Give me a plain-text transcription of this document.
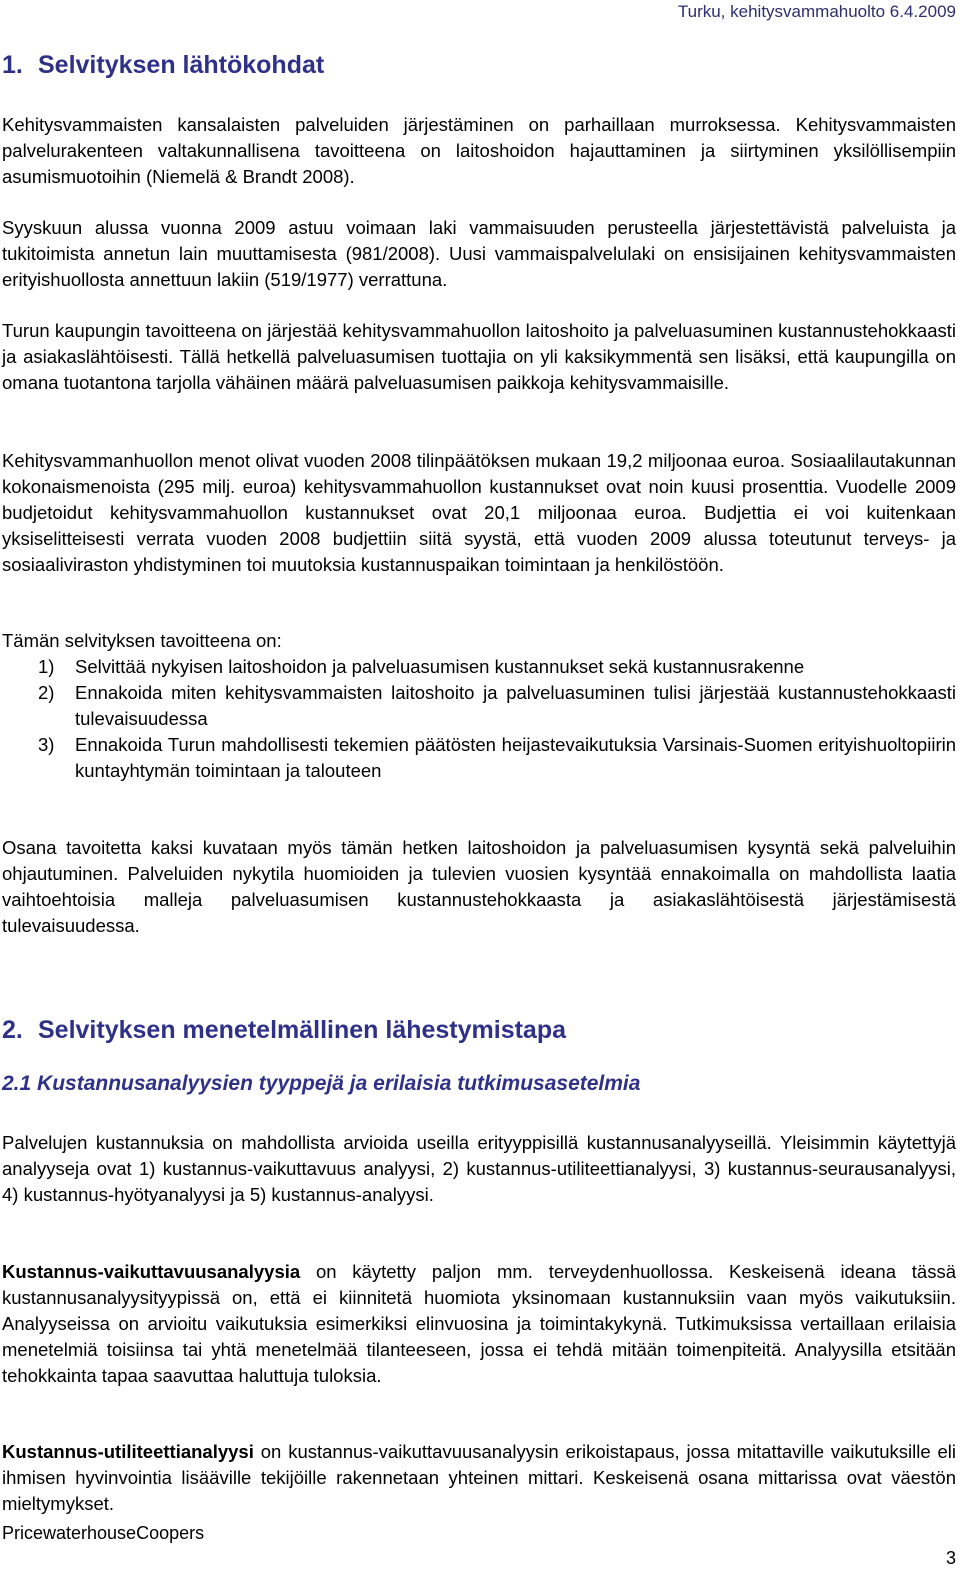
Turku, kehitysvammahuolto 6.4.2009
1. Selvityksen lähtökohdat

Kehitysvammaisten kansalaisten palveluiden järjestäminen on parhaillaan murroksessa. Kehitysvammaisten palvelurakenteen valtakunnallisena tavoitteena on laitoshoidon hajauttaminen ja siirtyminen yksilöllisempiin asumismuotoihin (Niemelä & Brandt 2008).

Syyskuun alussa vuonna 2009 astuu voimaan laki vammaisuuden perusteella järjestettävistä palveluista ja tukitoimista annetun lain muuttamisesta (981/2008). Uusi vammaispalvelulaki on ensisijainen kehitysvammaisten erityishuollosta annettuun lakiin (519/1977) verrattuna.

Turun kaupungin tavoitteena on järjestää kehitysvammahuollon laitoshoito ja palveluasuminen kustannustehokkaasti ja asiakaslähtöisesti. Tällä hetkellä palveluasumisen tuottajia on yli kaksikymmentä sen lisäksi, että kaupungilla on omana tuotantona tarjolla vähäinen määrä palveluasumisen paikkoja kehitysvammaisille.

Kehitysvammanhuollon menot olivat vuoden 2008 tilinpäätöksen mukaan 19,2 miljoonaa euroa. Sosiaalilautakunnan kokonaismenoista (295 milj. euroa) kehitysvammahuollon kustannukset ovat noin kuusi prosenttia. Vuodelle 2009 budjetoidut kehitysvammahuollon kustannukset ovat 20,1 miljoonaa euroa. Budjettia ei voi kuitenkaan yksiselitteisesti verrata vuoden 2008 budjettiin siitä syystä, että vuoden 2009 alussa toteutunut terveys- ja sosiaaliviraston yhdistyminen toi muutoksia kustannuspaikan toimintaan ja henkilöstöön.

Tämän selvityksen tavoitteena on:

1) Selvittää nykyisen laitoshoidon ja palveluasumisen kustannukset sekä kustannusrakenne
2) Ennakoida miten kehitysvammaisten laitoshoito ja palveluasuminen tulisi järjestää kustannustehokkaasti tulevaisuudessa
3) Ennakoida Turun mahdollisesti tekemien päätösten heijastevaikutuksia Varsinais-Suomen erityishuoltopiirin kuntayhtymän toimintaan ja talouteen

Osana tavoitetta kaksi kuvataan myös tämän hetken laitoshoidon ja palveluasumisen kysyntä sekä palveluihin ohjautuminen. Palveluiden nykytila huomioiden ja tulevien vuosien kysyntää ennakoimalla on mahdollista laatia vaihtoehtoisia malleja palveluasumisen kustannustehokkaasta ja asiakaslähtöisestä järjestämisestä tulevaisuudessa.

2. Selvityksen menetelmällinen lähestymistapa
2.1 Kustannusanalyysien tyyppejä ja erilaisia tutkimusasetelmia

Palvelujen kustannuksia on mahdollista arvioida useilla erityyppisillä kustannusanalyyseillä. Yleisimmin käytettyjä analyyseja ovat 1) kustannus-vaikuttavuus analyysi, 2) kustannus-utiliteettianalyysi, 3) kustannus-seurausanalyysi, 4) kustannus-hyötyanalyysi ja 5) kustannus-analyysi.

Kustannus-vaikuttavuusanalyysia on käytetty paljon mm. terveydenhuollossa. Keskeisenä ideana tässä kustannusanalyysityypissä on, että ei kiinnitetä huomiota yksinomaan kustannuksiin vaan myös vaikutuksiin. Analyyseissa on arvioitu vaikutuksia esimerkiksi elinvuosina ja toimintakykynä. Tutkimuksissa vertaillaan erilaisia menetelmiä toisiinsa tai yhtä menetelmää tilanteeseen, jossa ei tehdä mitään toimenpiteitä. Analyysilla etsitään tehokkainta tapaa saavuttaa haluttuja tuloksia.

Kustannus-utiliteettianalyysi on kustannus-vaikuttavuusanalyysin erikoistapaus, jossa mitattaville vaikutuksille eli ihmisen hyvinvointia lisääville tekijöille rakennetaan yhteinen mittari. Keskeisenä osana mittarissa ovat väestön mieltymykset.

PricewaterhouseCoopers
3
